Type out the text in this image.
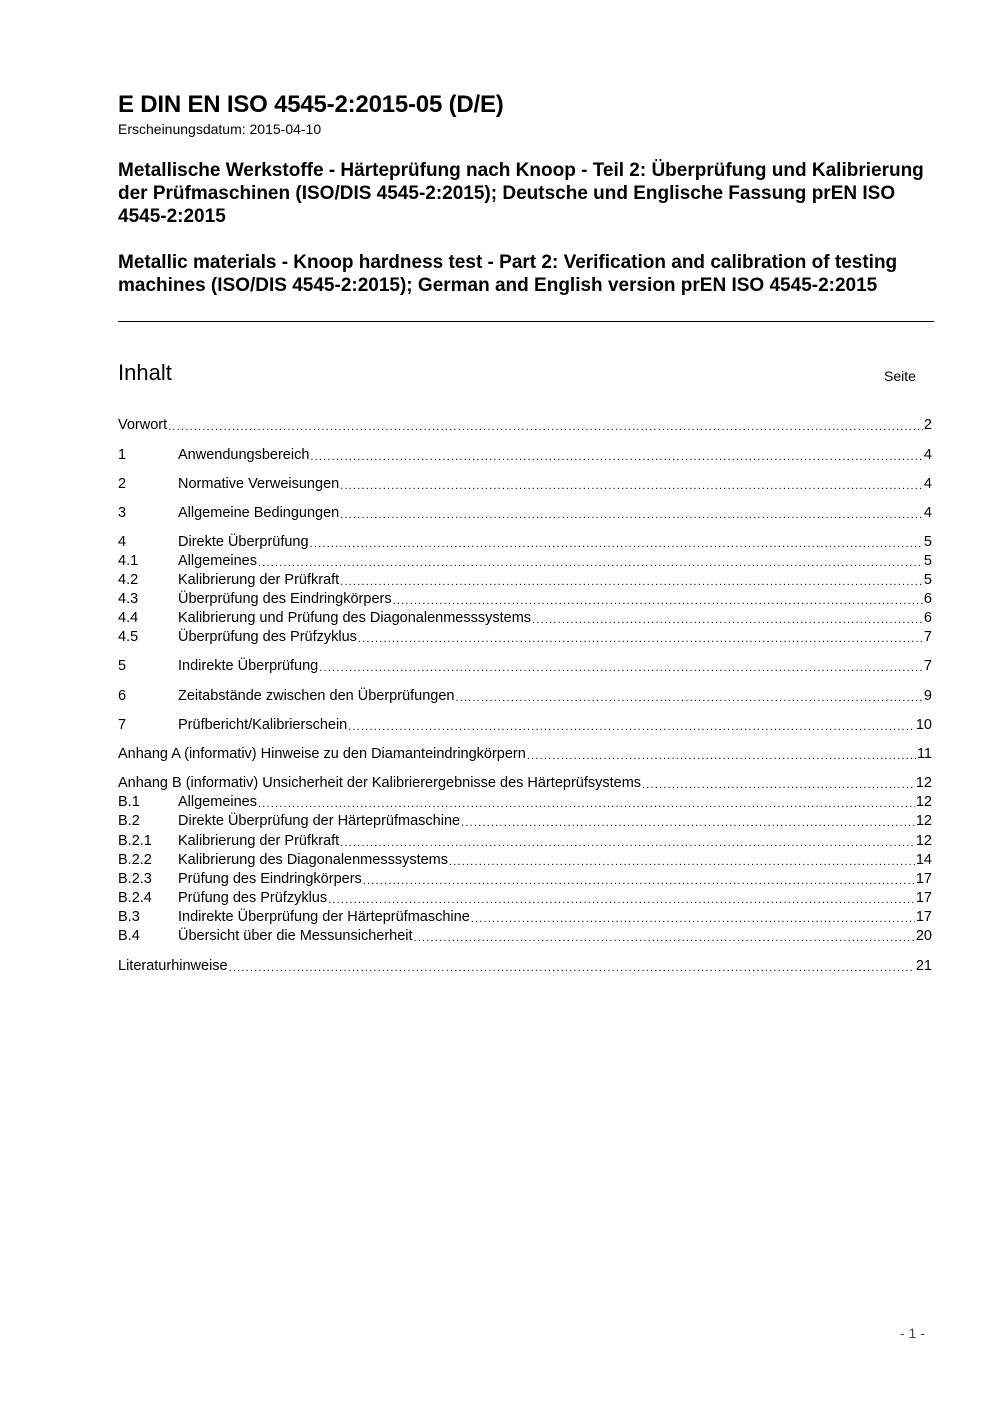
E DIN EN ISO 4545-2:2015-05 (D/E)
Erscheinungsdatum: 2015-04-10
Metallische Werkstoffe - Härteprüfung nach Knoop - Teil 2: Überprüfung und Kalibrierung der Prüfmaschinen (ISO/DIS 4545-2:2015); Deutsche und Englische Fassung prEN ISO 4545-2:2015
Metallic materials - Knoop hardness test - Part 2: Verification and calibration of testing machines (ISO/DIS 4545-2:2015); German and English version prEN ISO 4545-2:2015
Inhalt	Seite
Vorwort .....	2
1	Anwendungsbereich .....	4
2	Normative Verweisungen .....	4
3	Allgemeine Bedingungen .....	4
4	Direkte Überprüfung .....	5
4.1	Allgemeines .....	5
4.2	Kalibrierung der Prüfkraft .....	5
4.3	Überprüfung des Eindringkörpers .....	6
4.4	Kalibrierung und Prüfung des Diagonalenmesssystems .....	6
4.5	Überprüfung des Prüfzyklus .....	7
5	Indirekte Überprüfung .....	7
6	Zeitabstände zwischen den Überprüfungen .....	9
7	Prüfbericht/Kalibrierschein .....	10
Anhang A (informativ) Hinweise zu den Diamanteindringkörpern .....	11
Anhang B (informativ) Unsicherheit der Kalibrierergebnisse des Härteprüfsystems .....	12
B.1	Allgemeines .....	12
B.2	Direkte Überprüfung der Härteprüfmaschine .....	12
B.2.1	Kalibrierung der Prüfkraft .....	12
B.2.2	Kalibrierung des Diagonalenmesssystems .....	14
B.2.3	Prüfung des Eindringkörpers .....	17
B.2.4	Prüfung des Prüfzyklus .....	17
B.3	Indirekte Überprüfung der Härteprüfmaschine .....	17
B.4	Übersicht über die Messunsicherheit .....	20
Literaturhinweise .....	21
- 1 -
